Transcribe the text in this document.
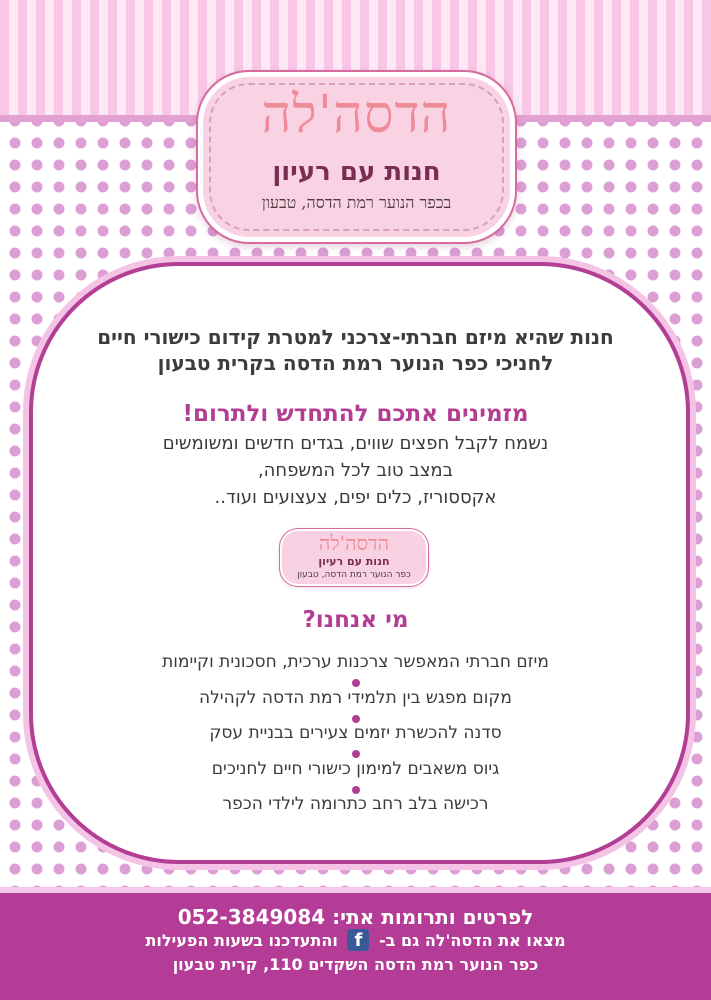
הדסה'לה
חנות עם רעיון
בכפר הנוער רמת הדסה, טבעון
חנות שהיא מיזם חברתי-צרכני למטרת קידום כישורי חיים
לחניכי כפר הנוער רמת הדסה בקרית טבעון
מזמינים אתכם להתחדש ולתרום!
נשמח לקבל חפצים שווים, בגדים חדשים ומשומשים
במצב טוב לכל המשפחה,
אקססוריז, כלים יפים, צעצועים ועוד..
הדסה'לה
חנות עם רעיון
כפר הנוער רמת הדסה, טבעון
מי אנחנו?
מיזם חברתי המאפשר צרכנות ערכית, חסכונית וקיימות
מקום מפגש בין תלמידי רמת הדסה לקהילה
סדנה להכשרת יזמים צעירים בבניית עסק
גיוס משאבים למימון כישורי חיים לחניכים
רכישה בלב רחב כתרומה לילדי הכפר
לפרטים ותרומות אתי: 052-3849084
מצאו את הדסה'לה גם ב- f והתעדכנו בשעות הפעילות
כפר הנוער רמת הדסה השקדים 110, קרית טבעון
